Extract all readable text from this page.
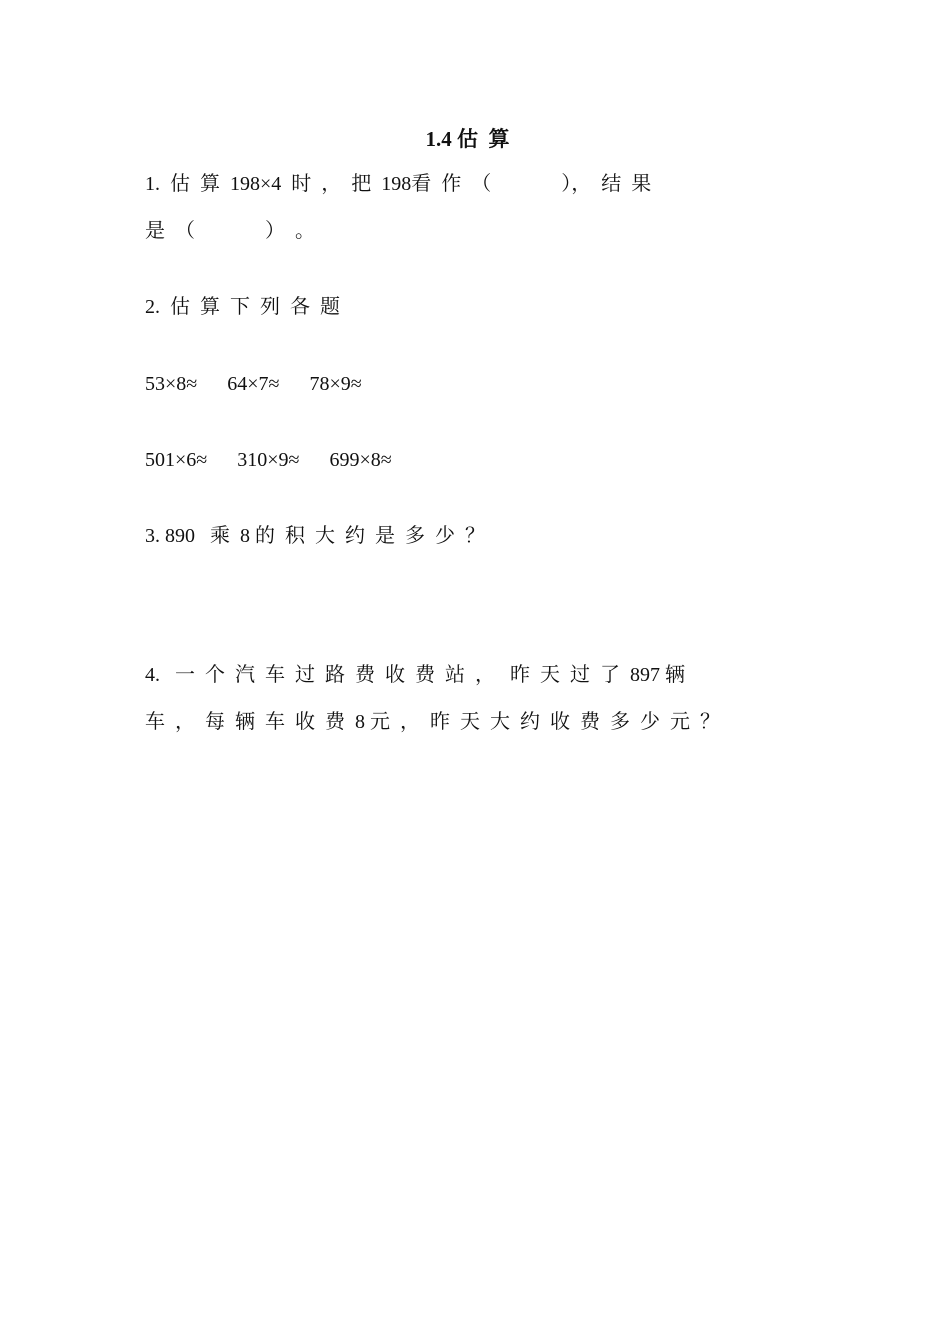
1.4 估  算
1.  估  算  198×4  时  ，  把  198看  作  （              ），  结  果
是  （              ）  。
2.  估  算  下  列  各  题
53×8≈      64×7≈      78×9≈
501×6≈      310×9≈      699×8≈
3. 890   乘  8 的  积  大  约  是  多  少  ？
4.   一  个  汽  车  过  路  费  收  费  站  ，   昨  天  过  了  897 辆
车  ，  每  辆  车  收  费  8 元  ，  昨  天  大  约  收  费  多  少  元  ？
